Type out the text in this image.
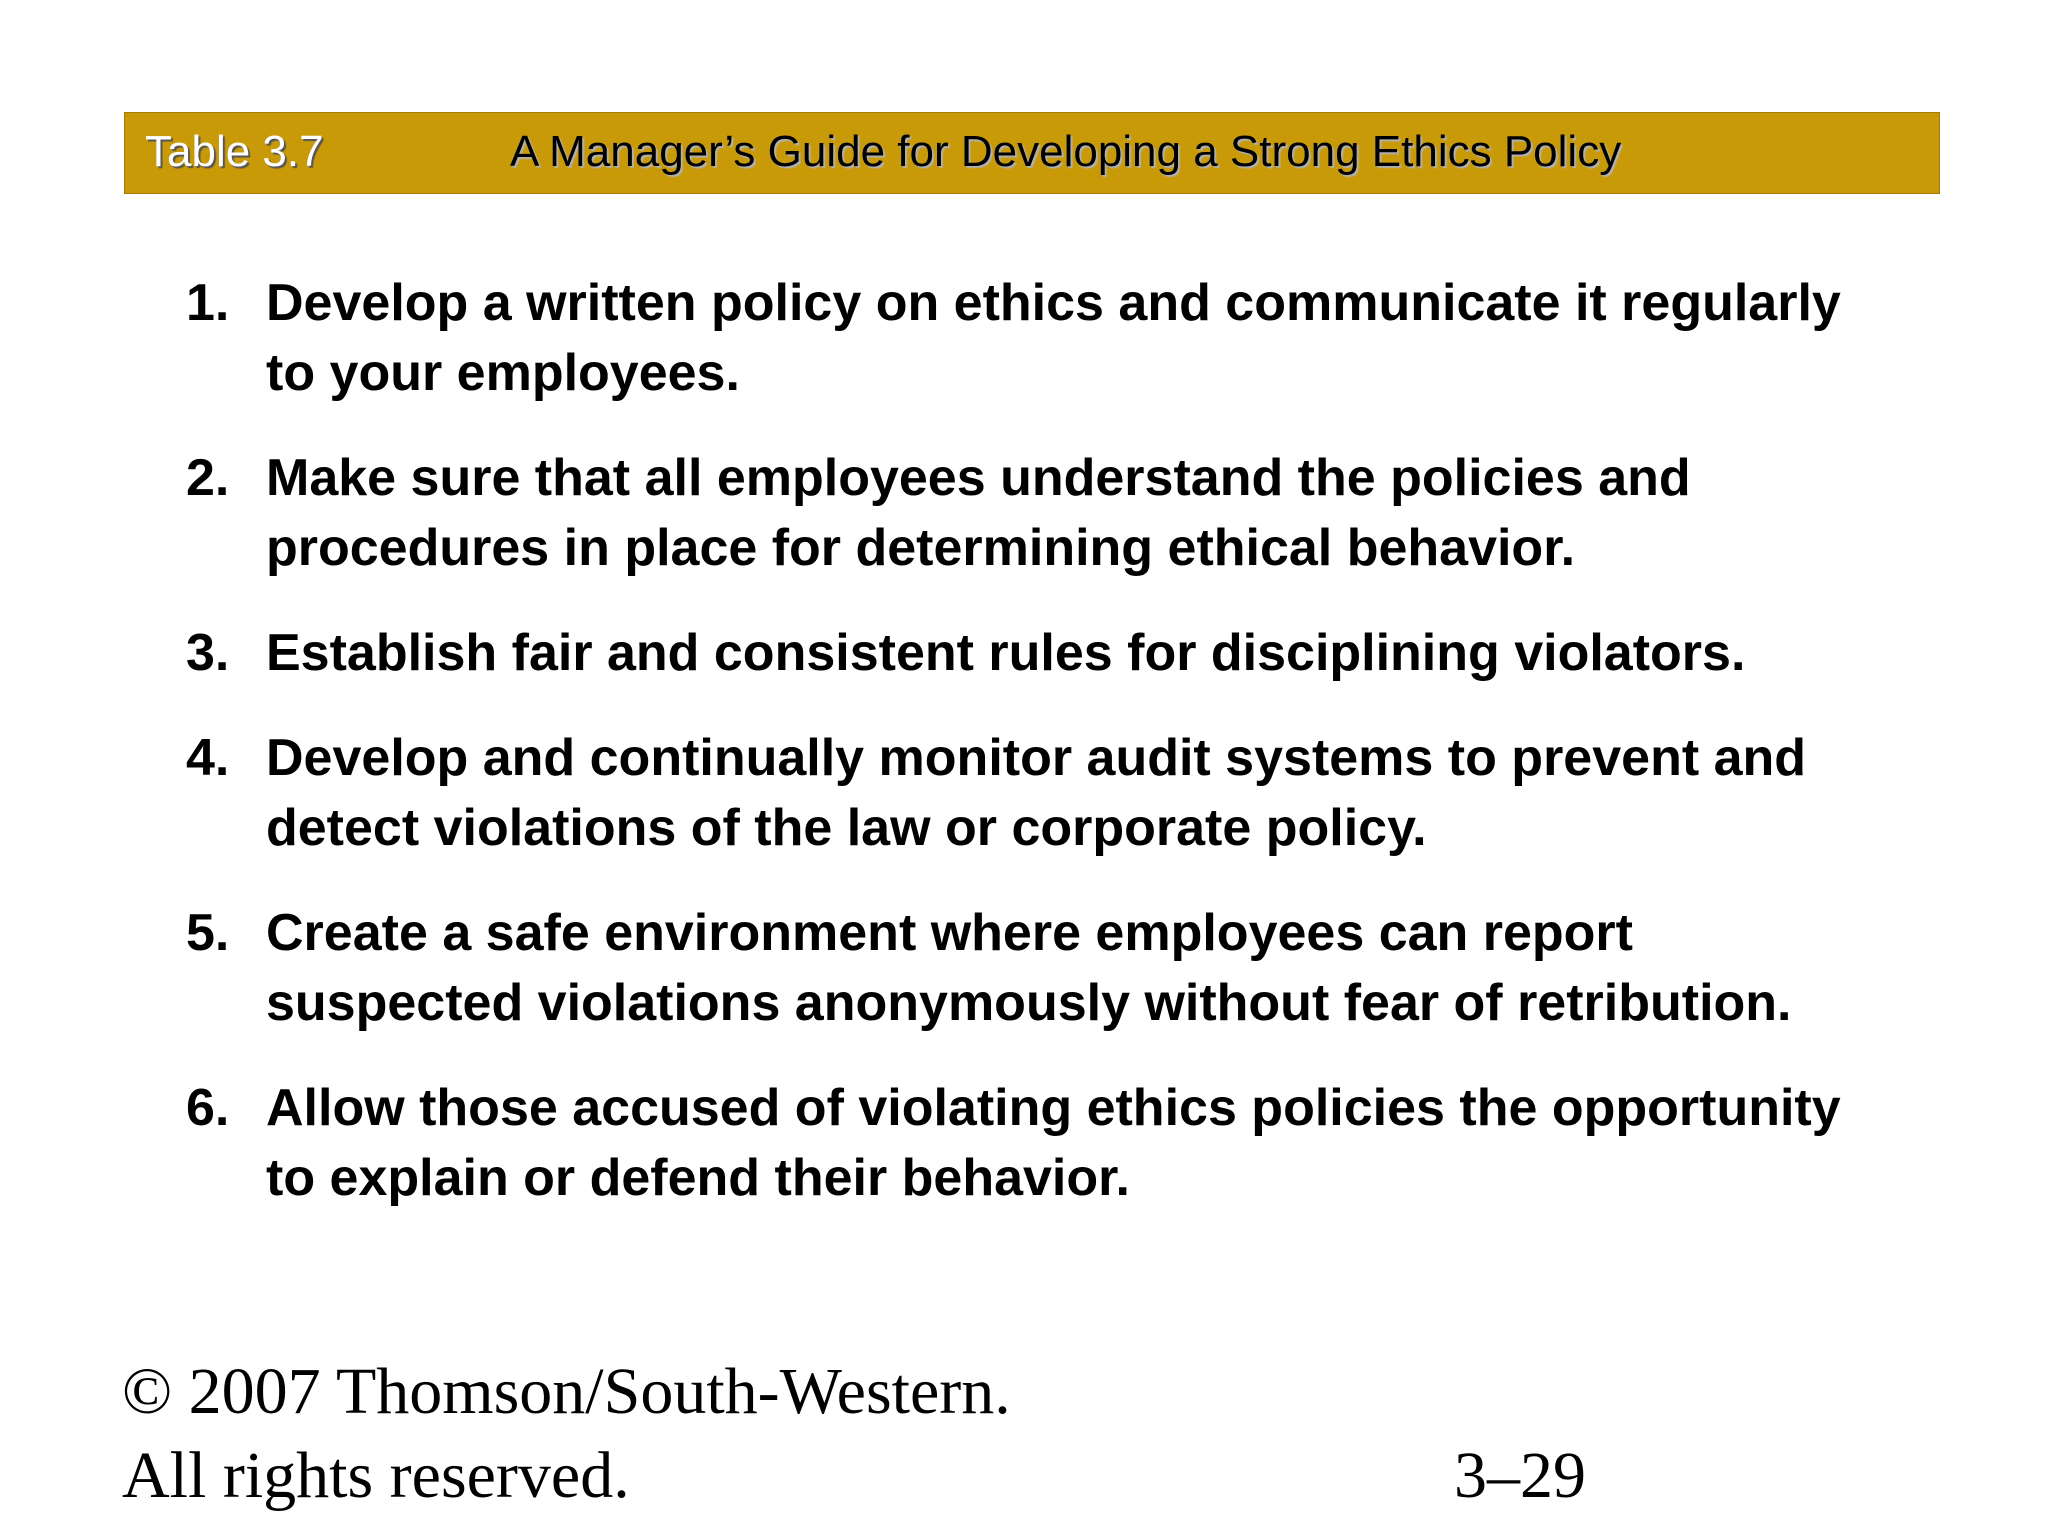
Table 3.7	A Manager’s Guide for Developing a Strong Ethics Policy
1. Develop a written policy on ethics and communicate it regularly to your employees.
2. Make sure that all employees understand the policies and procedures in place for determining ethical behavior.
3. Establish fair and consistent rules for disciplining violators.
4. Develop and continually monitor audit systems to prevent and detect violations of the law or corporate policy.
5. Create a safe environment where employees can report suspected violations anonymously without fear of retribution.
6. Allow those accused of violating ethics policies the opportunity to explain or defend their behavior.
© 2007 Thomson/South-Western. All rights reserved.	3–29
